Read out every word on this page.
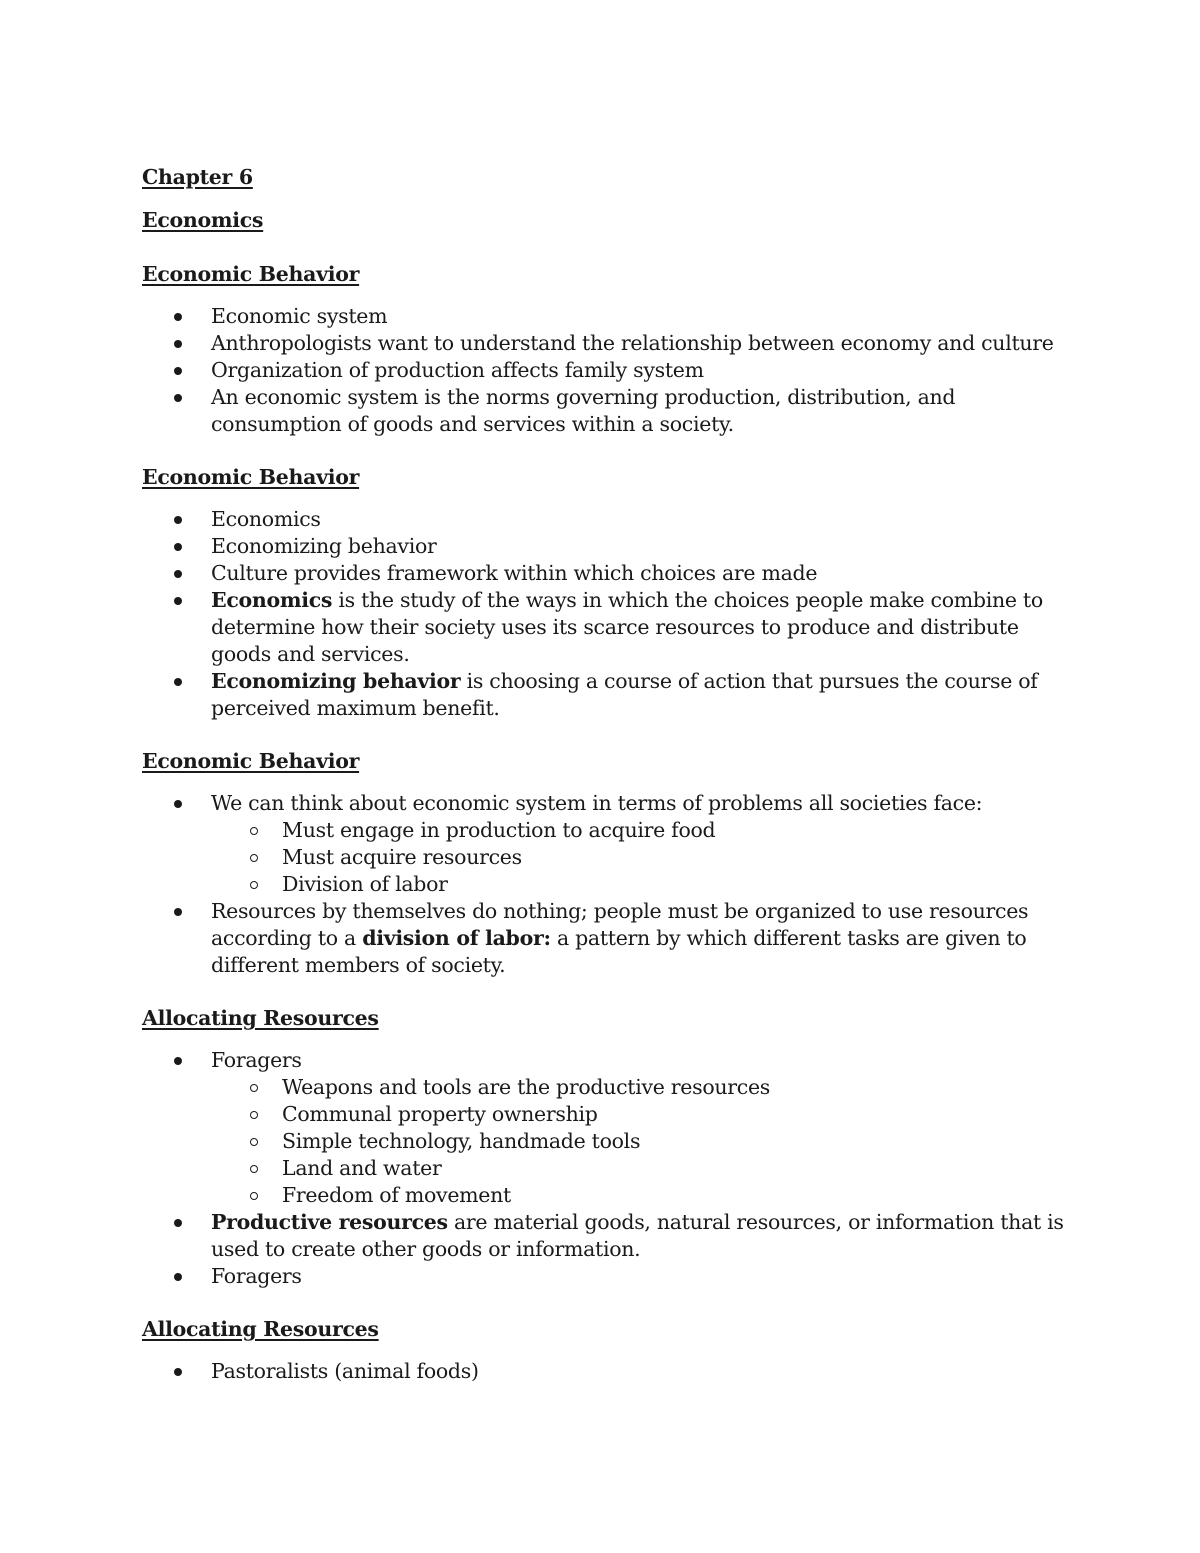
Chapter 6
Economics
Economic Behavior
Economic system
Anthropologists want to understand the relationship between economy and culture
Organization of production affects family system
An economic system is the norms governing production, distribution, and consumption of goods and services within a society.
Economic Behavior
Economics
Economizing behavior
Culture provides framework within which choices are made
Economics is the study of the ways in which the choices people make combine to determine how their society uses its scarce resources to produce and distribute goods and services.
Economizing behavior is choosing a course of action that pursues the course of perceived maximum benefit.
Economic Behavior
We can think about economic system in terms of problems all societies face:
Must engage in production to acquire food
Must acquire resources
Division of labor
Resources by themselves do nothing; people must be organized to use resources according to a division of labor: a pattern by which different tasks are given to different members of society.
Allocating Resources
Foragers
Weapons and tools are the productive resources
Communal property ownership
Simple technology, handmade tools
Land and water
Freedom of movement
Productive resources are material goods, natural resources, or information that is used to create other goods or information.
Foragers
Allocating Resources
Pastoralists (animal foods)
